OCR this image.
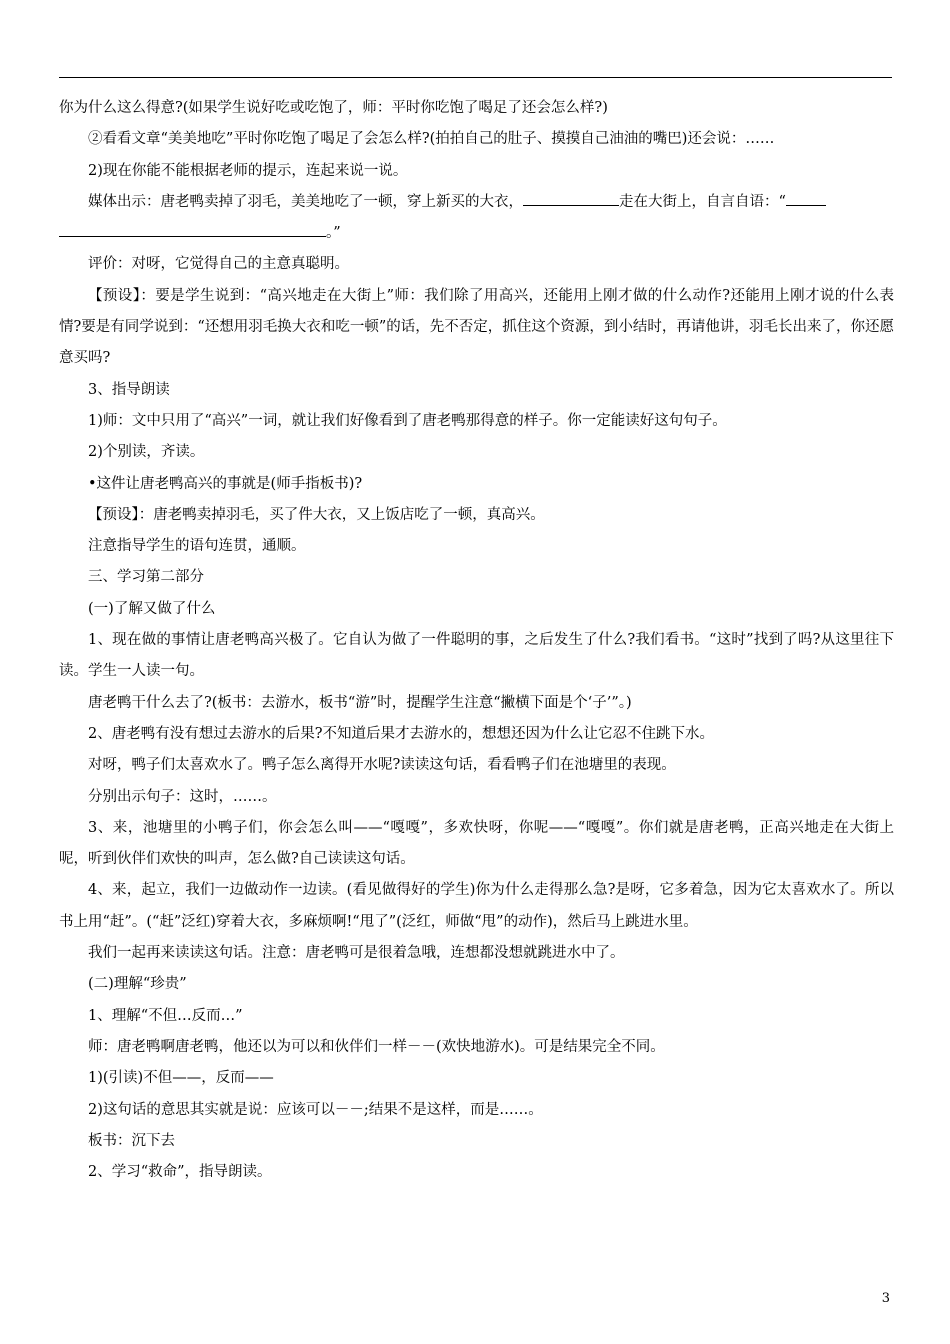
你为什么这么得意?(如果学生说好吃或吃饱了，师：平时你吃饱了喝足了还会怎么样?)

②看看文章“美美地吃”平时你吃饱了喝足了会怎么样?(拍拍自己的肚子、摸摸自己油油的嘴巴)还会说：……

2)现在你能不能根据老师的提示，连起来说一说。

媒体出示：唐老鸭卖掉了羽毛，美美地吃了一顿，穿上新买的大衣，	走在大街上，自言自语：“

。”

评价：对呀，它觉得自己的主意真聪明。

【预设】：要是学生说到：“高兴地走在大街上”师：我们除了用高兴，还能用上刚才做的什么动作?还能用上刚才说的什么表情?要是有同学说到：“还想用羽毛换大衣和吃一顿”的话，先不否定，抓住这个资源，到小结时，再请他讲，羽毛长出来了，你还愿意买吗?

3、指导朗读

1)师：文中只用了“高兴”一词，就让我们好像看到了唐老鸭那得意的样子。你一定能读好这句句子。

2)个别读，齐读。

•这件让唐老鸭高兴的事就是(师手指板书)?

【预设】：唐老鸭卖掉羽毛，买了件大衣，又上饭店吃了一顿，真高兴。

注意指导学生的语句连贯，通顺。

三、学习第二部分

(一)了解又做了什么

1、现在做的事情让唐老鸭高兴极了。它自认为做了一件聪明的事，之后发生了什么?我们看书。“这时”找到了吗?从这里往下读。学生一人读一句。

唐老鸭干什么去了?(板书：去游水，板书“游”时，提醒学生注意“撇横下面是个‘子’”。)

2、唐老鸭有没有想过去游水的后果?不知道后果才去游水的，想想还因为什么让它忍不住跳下水。

对呀，鸭子们太喜欢水了。鸭子怎么离得开水呢?读读这句话，看看鸭子们在池塘里的表现。

分别出示句子：这时，……。

3、来，池塘里的小鸭子们，你会怎么叫——“嘎嘎”，多欢快呀，你呢——“嘎嘎”。你们就是唐老鸭，正高兴地走在大街上呢，听到伙伴们欢快的叫声，怎么做?自己读读这句话。

4、来，起立，我们一边做动作一边读。(看见做得好的学生)你为什么走得那么急?是呀，它多着急，因为它太喜欢水了。所以书上用“赶”。(“赶”泛红)穿着大衣，多麻烦啊!“甩了”(泛红，师做“甩”的动作)，然后马上跳进水里。

我们一起再来读读这句话。注意：唐老鸭可是很着急哦，连想都没想就跳进水中了。

(二)理解“珍贵”

1、理解“不但…反而…”

师：唐老鸭啊唐老鸭，他还以为可以和伙伴们一样－－(欢快地游水)。可是结果完全不同。

1)(引读)不但——，反而——

2)这句话的意思其实就是说：应该可以－－;结果不是这样，而是……。

板书：沉下去

2、学习“救命”，指导朗读。

3
